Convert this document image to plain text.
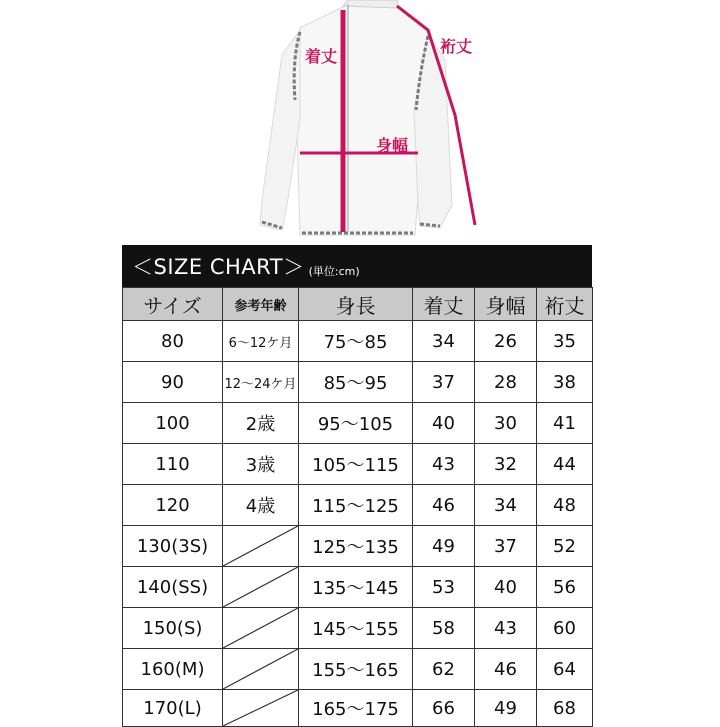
着丈
身幅
裄丈
＜SIZE CHART＞ (単位:cm)
サイズ	参考年齢	身長	着丈	身幅	裄丈
80	6〜12ケ月	75〜85	34	26	35
90	12〜24ケ月	85〜95	37	28	38
100	2歳	95〜105	40	30	41
110	3歳	105〜115	43	32	44
120	4歳	115〜125	46	34	48
130(3S)		125〜135	49	37	52
140(SS)		135〜145	53	40	56
150(S)		145〜155	58	43	60
160(M)		155〜165	62	46	64
170(L)		165〜175	66	49	68
